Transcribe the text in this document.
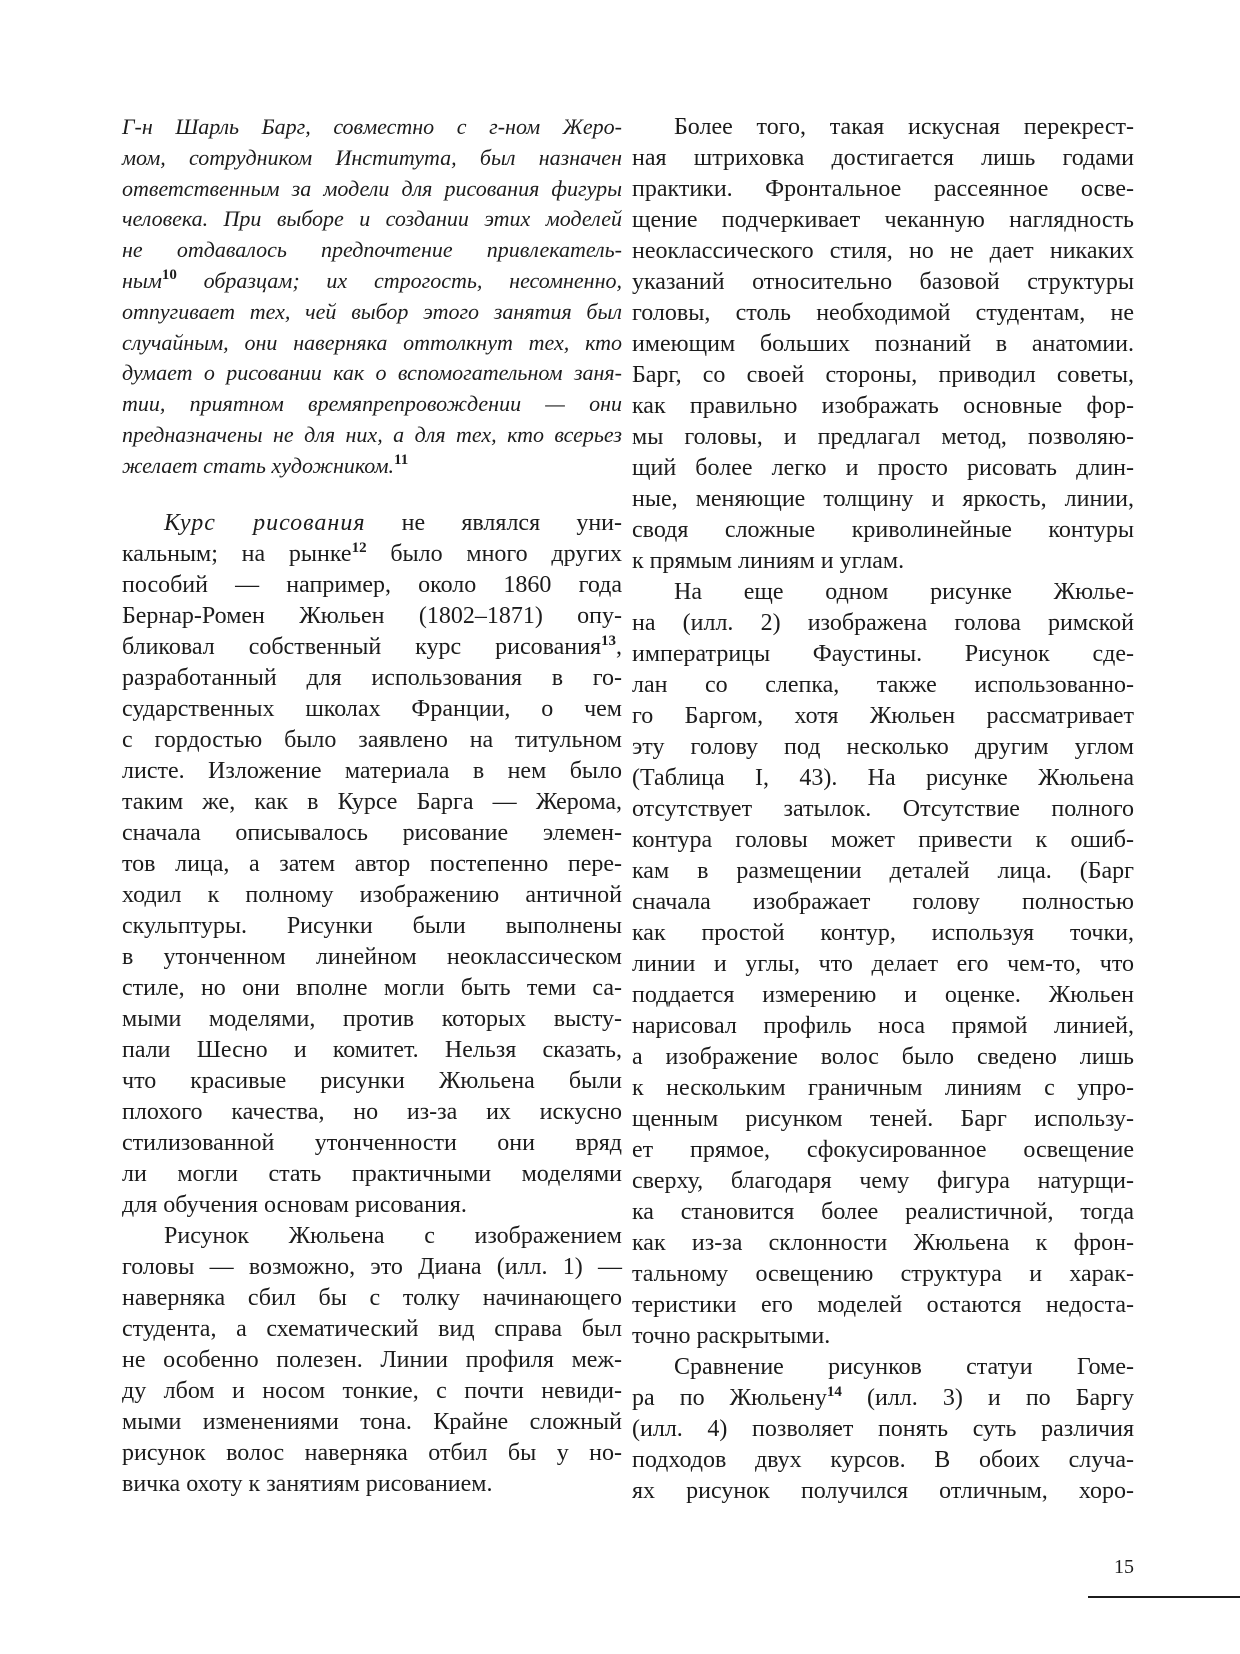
Г-н Шарль Барг, совместно с г-ном Жеро-
мом, сотрудником Института, был назначен
ответственным за модели для рисования фигуры
человека. При выборе и создании этих моделей
не отдавалось предпочтение привлекатель-
ным$^{10}$ образцам; их строгость, несомненно,
отпугивает тех, чей выбор этого занятия был
случайным, они наверняка оттолкнут тех, кто
думает о рисовании как о вспомогательном заня-
тии, приятном времяпрепровождении — они
предназначены не для них, а для тех, кто всерьез
желает стать художником.$^{11}$
Курс рисования не являлся уни-
кальным; на рынке$^{12}$ было много других
пособий — например, около 1860 года
Бернар-Ромен Жюльен (1802–1871) опу-
бликовал собственный курс рисования$^{13}$,
разработанный для использования в го-
сударственных школах Франции, о чем
с гордостью было заявлено на титульном
листе. Изложение материала в нем было
таким же, как в Курсе Барга — Жерома,
сначала описывалось рисование элемен-
тов лица, а затем автор постепенно пере-
ходил к полному изображению античной
скульптуры. Рисунки были выполнены
в утонченном линейном неоклассическом
стиле, но они вполне могли быть теми са-
мыми моделями, против которых высту-
пали Шесно и комитет. Нельзя сказать,
что красивые рисунки Жюльена были
плохого качества, но из-за их искусно
стилизованной утонченности они вряд
ли могли стать практичными моделями
для обучения основам рисования.
Рисунок Жюльена с изображением
головы — возможно, это Диана (илл. 1) —
наверняка сбил бы с толку начинающего
студента, а схематический вид справа был
не особенно полезен. Линии профиля меж-
ду лбом и носом тонкие, с почти невиди-
мыми изменениями тона. Крайне сложный
рисунок волос наверняка отбил бы у но-
вичка охоту к занятиям рисованием.
Более того, такая искусная перекрест-
ная штриховка достигается лишь годами
практики. Фронтальное рассеянное осве-
щение подчеркивает чеканную наглядность
неоклассического стиля, но не дает никаких
указаний относительно базовой структуры
головы, столь необходимой студентам, не
имеющим больших познаний в анатомии.
Барг, со своей стороны, приводил советы,
как правильно изображать основные фор-
мы головы, и предлагал метод, позволяю-
щий более легко и просто рисовать длин-
ные, меняющие толщину и яркость, линии,
сводя сложные криволинейные контуры
к прямым линиям и углам.
На еще одном рисунке Жюлье-
на (илл. 2) изображена голова римской
императрицы Фаустины. Рисунок сде-
лан со слепка, также использованно-
го Баргом, хотя Жюльен рассматривает
эту голову под несколько другим углом
(Таблица I, 43). На рисунке Жюльена
отсутствует затылок. Отсутствие полного
контура головы может привести к ошиб-
кам в размещении деталей лица. (Барг
сначала изображает голову полностью
как простой контур, используя точки,
линии и углы, что делает его чем-то, что
поддается измерению и оценке. Жюльен
нарисовал профиль носа прямой линией,
а изображение волос было сведено лишь
к нескольким граничным линиям с упро-
щенным рисунком теней. Барг использу-
ет прямое, сфокусированное освещение
сверху, благодаря чему фигура натурщи-
ка становится более реалистичной, тогда
как из-за склонности Жюльена к фрон-
тальному освещению структура и харак-
теристики его моделей остаются недоста-
точно раскрытыми.
Сравнение рисунков статуи Гоме-
ра по Жюльену$^{14}$ (илл. 3) и по Баргу
(илл. 4) позволяет понять суть различия
подходов двух курсов. В обоих случа-
ях рисунок получился отличным, хоро-
15
